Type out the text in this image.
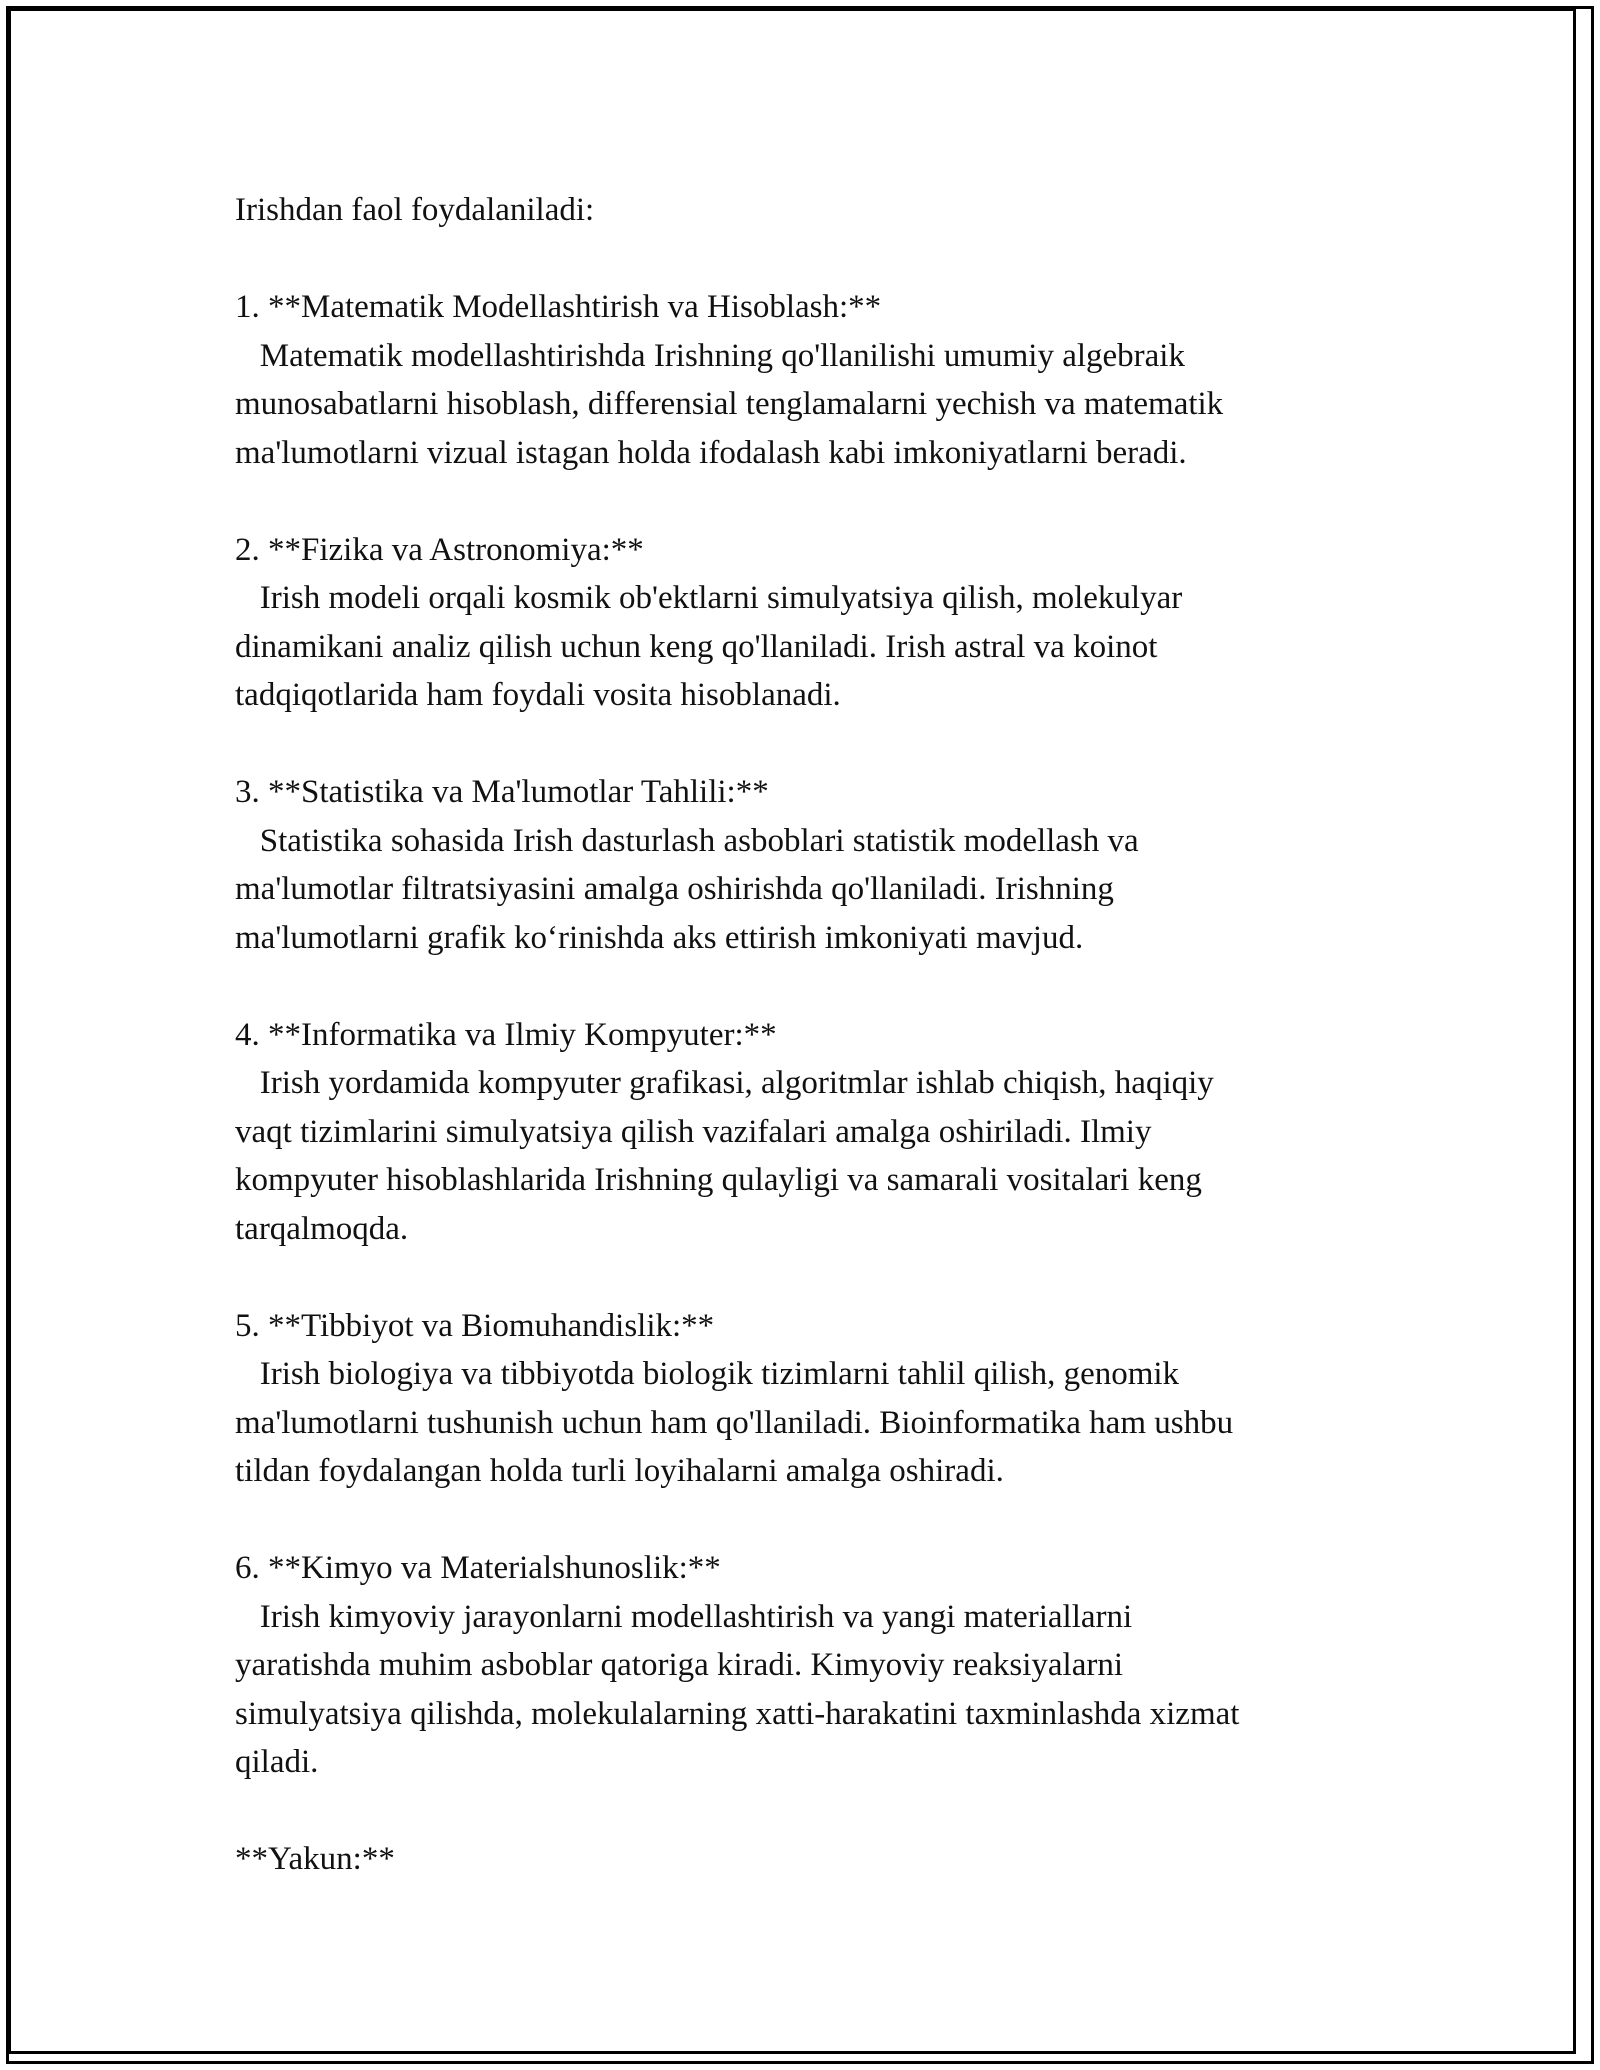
Irishdan faol foydalaniladi:
1. **Matematik Modellashtirish va Hisoblash:**
Matematik modellashtirishda Irishning qo'llanilishi umumiy algebraik
munosabatlarni hisoblash, differensial tenglamalarni yechish va matematik
ma'lumotlarni vizual istagan holda ifodalash kabi imkoniyatlarni beradi.
2. **Fizika va Astronomiya:**
Irish modeli orqali kosmik ob'ektlarni simulyatsiya qilish, molekulyar
dinamikani analiz qilish uchun keng qo'llaniladi. Irish astral va koinot
tadqiqotlarida ham foydali vosita hisoblanadi.
3. **Statistika va Ma'lumotlar Tahlili:**
Statistika sohasida Irish dasturlash asboblari statistik modellash va
ma'lumotlar filtratsiyasini amalga oshirishda qo'llaniladi. Irishning
ma'lumotlarni grafik ko‘rinishda aks ettirish imkoniyati mavjud.
4. **Informatika va Ilmiy Kompyuter:**
Irish yordamida kompyuter grafikasi, algoritmlar ishlab chiqish, haqiqiy
vaqt tizimlarini simulyatsiya qilish vazifalari amalga oshiriladi. Ilmiy
kompyuter hisoblashlarida Irishning qulayligi va samarali vositalari keng
tarqalmoqda.
5. **Tibbiyot va Biomuhandislik:**
Irish biologiya va tibbiyotda biologik tizimlarni tahlil qilish, genomik
ma'lumotlarni tushunish uchun ham qo'llaniladi. Bioinformatika ham ushbu
tildan foydalangan holda turli loyihalarni amalga oshiradi.
6. **Kimyo va Materialshunoslik:**
Irish kimyoviy jarayonlarni modellashtirish va yangi materiallarni
yaratishda muhim asboblar qatoriga kiradi. Kimyoviy reaksiyalarni
simulyatsiya qilishda, molekulalarning xatti-harakatini taxminlashda xizmat
qiladi.
**Yakun:**
